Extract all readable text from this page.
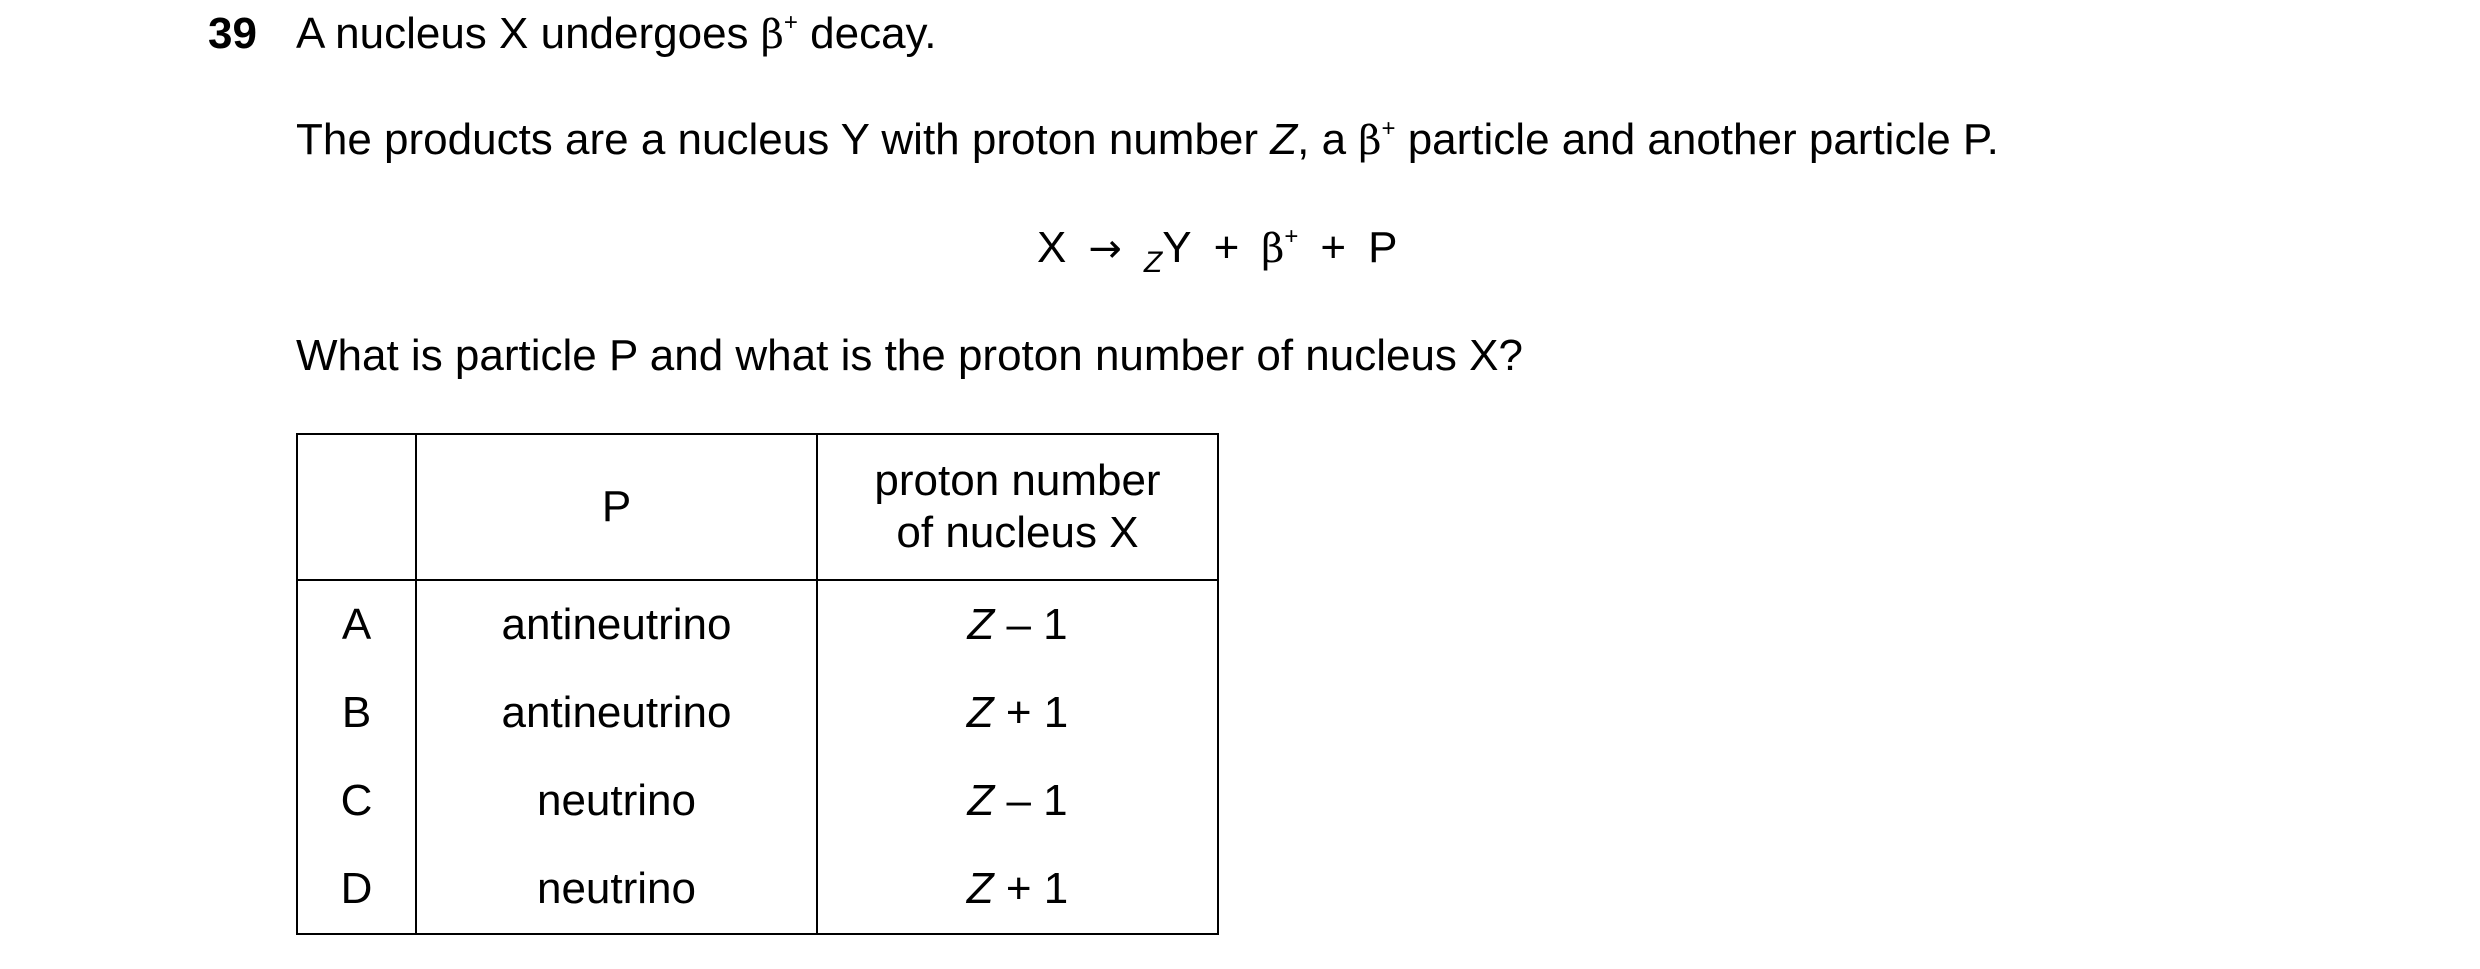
39 A nucleus X undergoes β+ decay.
The products are a nucleus Y with proton number Z, a β+ particle and another particle P.
X → $_Z$Y + β+ + P
What is particle P and what is the proton number of nucleus X?
	P	proton number
of nucleus X
A	antineutrino	Z – 1
B	antineutrino	Z + 1
C	neutrino	Z – 1
D	neutrino	Z + 1
